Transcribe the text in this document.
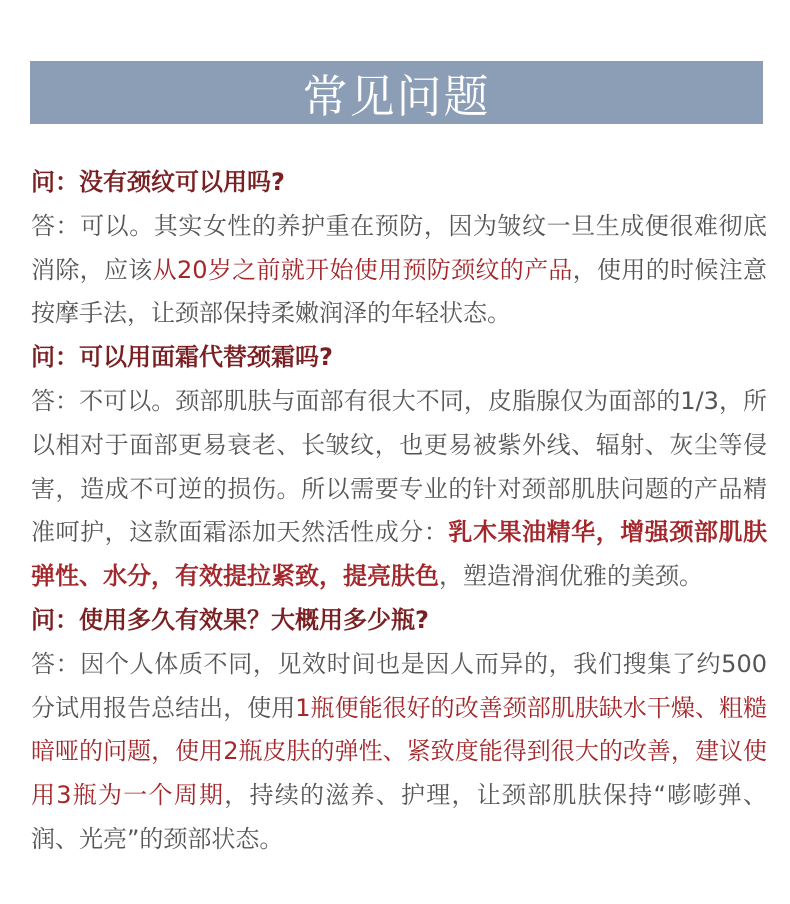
常见问题
问：没有颈纹可以用吗?
答：可以。其实女性的养护重在预防，因为皱纹一旦生成便很难彻底消除，应该从20岁之前就开始使用预防颈纹的产品，使用的时候注意按摩手法，让颈部保持柔嫩润泽的年轻状态。
问：可以用面霜代替颈霜吗?
答：不可以。颈部肌肤与面部有很大不同，皮脂腺仅为面部的1/3，所以相对于面部更易衰老、长皱纹，也更易被紫外线、辐射、灰尘等侵害，造成不可逆的损伤。所以需要专业的针对颈部肌肤问题的产品精准呵护，这款面霜添加天然活性成分：乳木果油精华，增强颈部肌肤弹性、水分，有效提拉紧致，提亮肤色，塑造滑润优雅的美颈。
问：使用多久有效果？大概用多少瓶?
答：因个人体质不同，见效时间也是因人而异的，我们搜集了约500分试用报告总结出，使用1瓶便能很好的改善颈部肌肤缺水干燥、粗糙暗哑的问题，使用2瓶皮肤的弹性、紧致度能得到很大的改善，建议使用3瓶为一个周期，持续的滋养、护理，让颈部肌肤保持“嘭嘭弹、润、光亮”的颈部状态。
